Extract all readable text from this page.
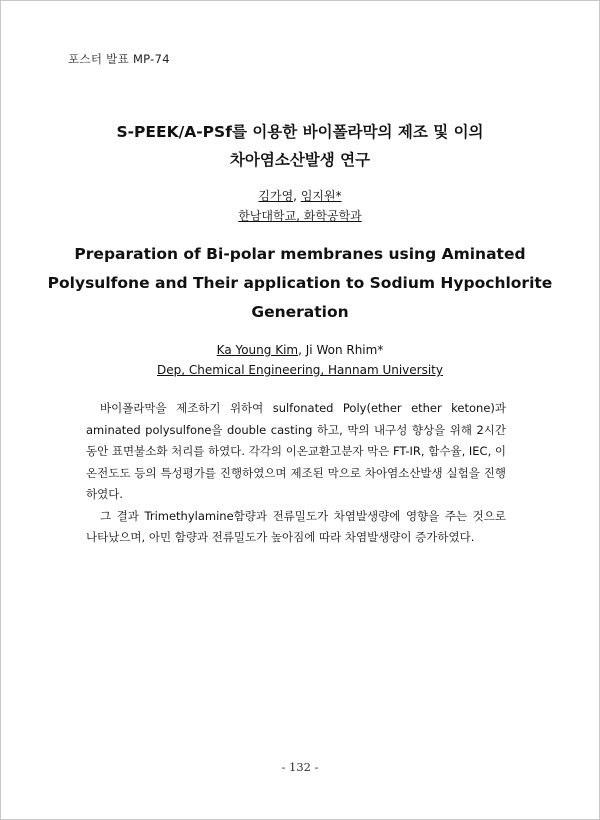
포스터 발표 MP-74
S-PEEK/A-PSf를 이용한 바이폴라막의 제조 및 이의
차아염소산발생 연구
김가영, 임지원*
한남대학교, 화학공학과
Preparation of Bi-polar membranes using Aminated
Polysulfone and Their application to Sodium Hypochlorite
Generation
Ka Young Kim, Ji Won Rhim*
Dep, Chemical Engineering, Hannam University

바이폴라막을 제조하기 위하여 sulfonated Poly(ether ether ketone)과 aminated polysulfone을 double casting 하고, 막의 내구성 향상을 위해 2시간 동안 표면불소화 처리를 하였다. 각각의 이온교환고분자 막은 FT-IR, 함수율, IEC, 이온전도도 등의 특성평가를 진행하였으며 제조된 막으로 차아염소산발생 실험을 진행하였다.

그 결과 Trimethylamine함량과 전류밀도가 차염발생량에 영향을 주는 것으로 나타났으며, 아민 함량과 전류밀도가 높아짐에 따라 차염발생량이 증가하였다.

- 132 -
